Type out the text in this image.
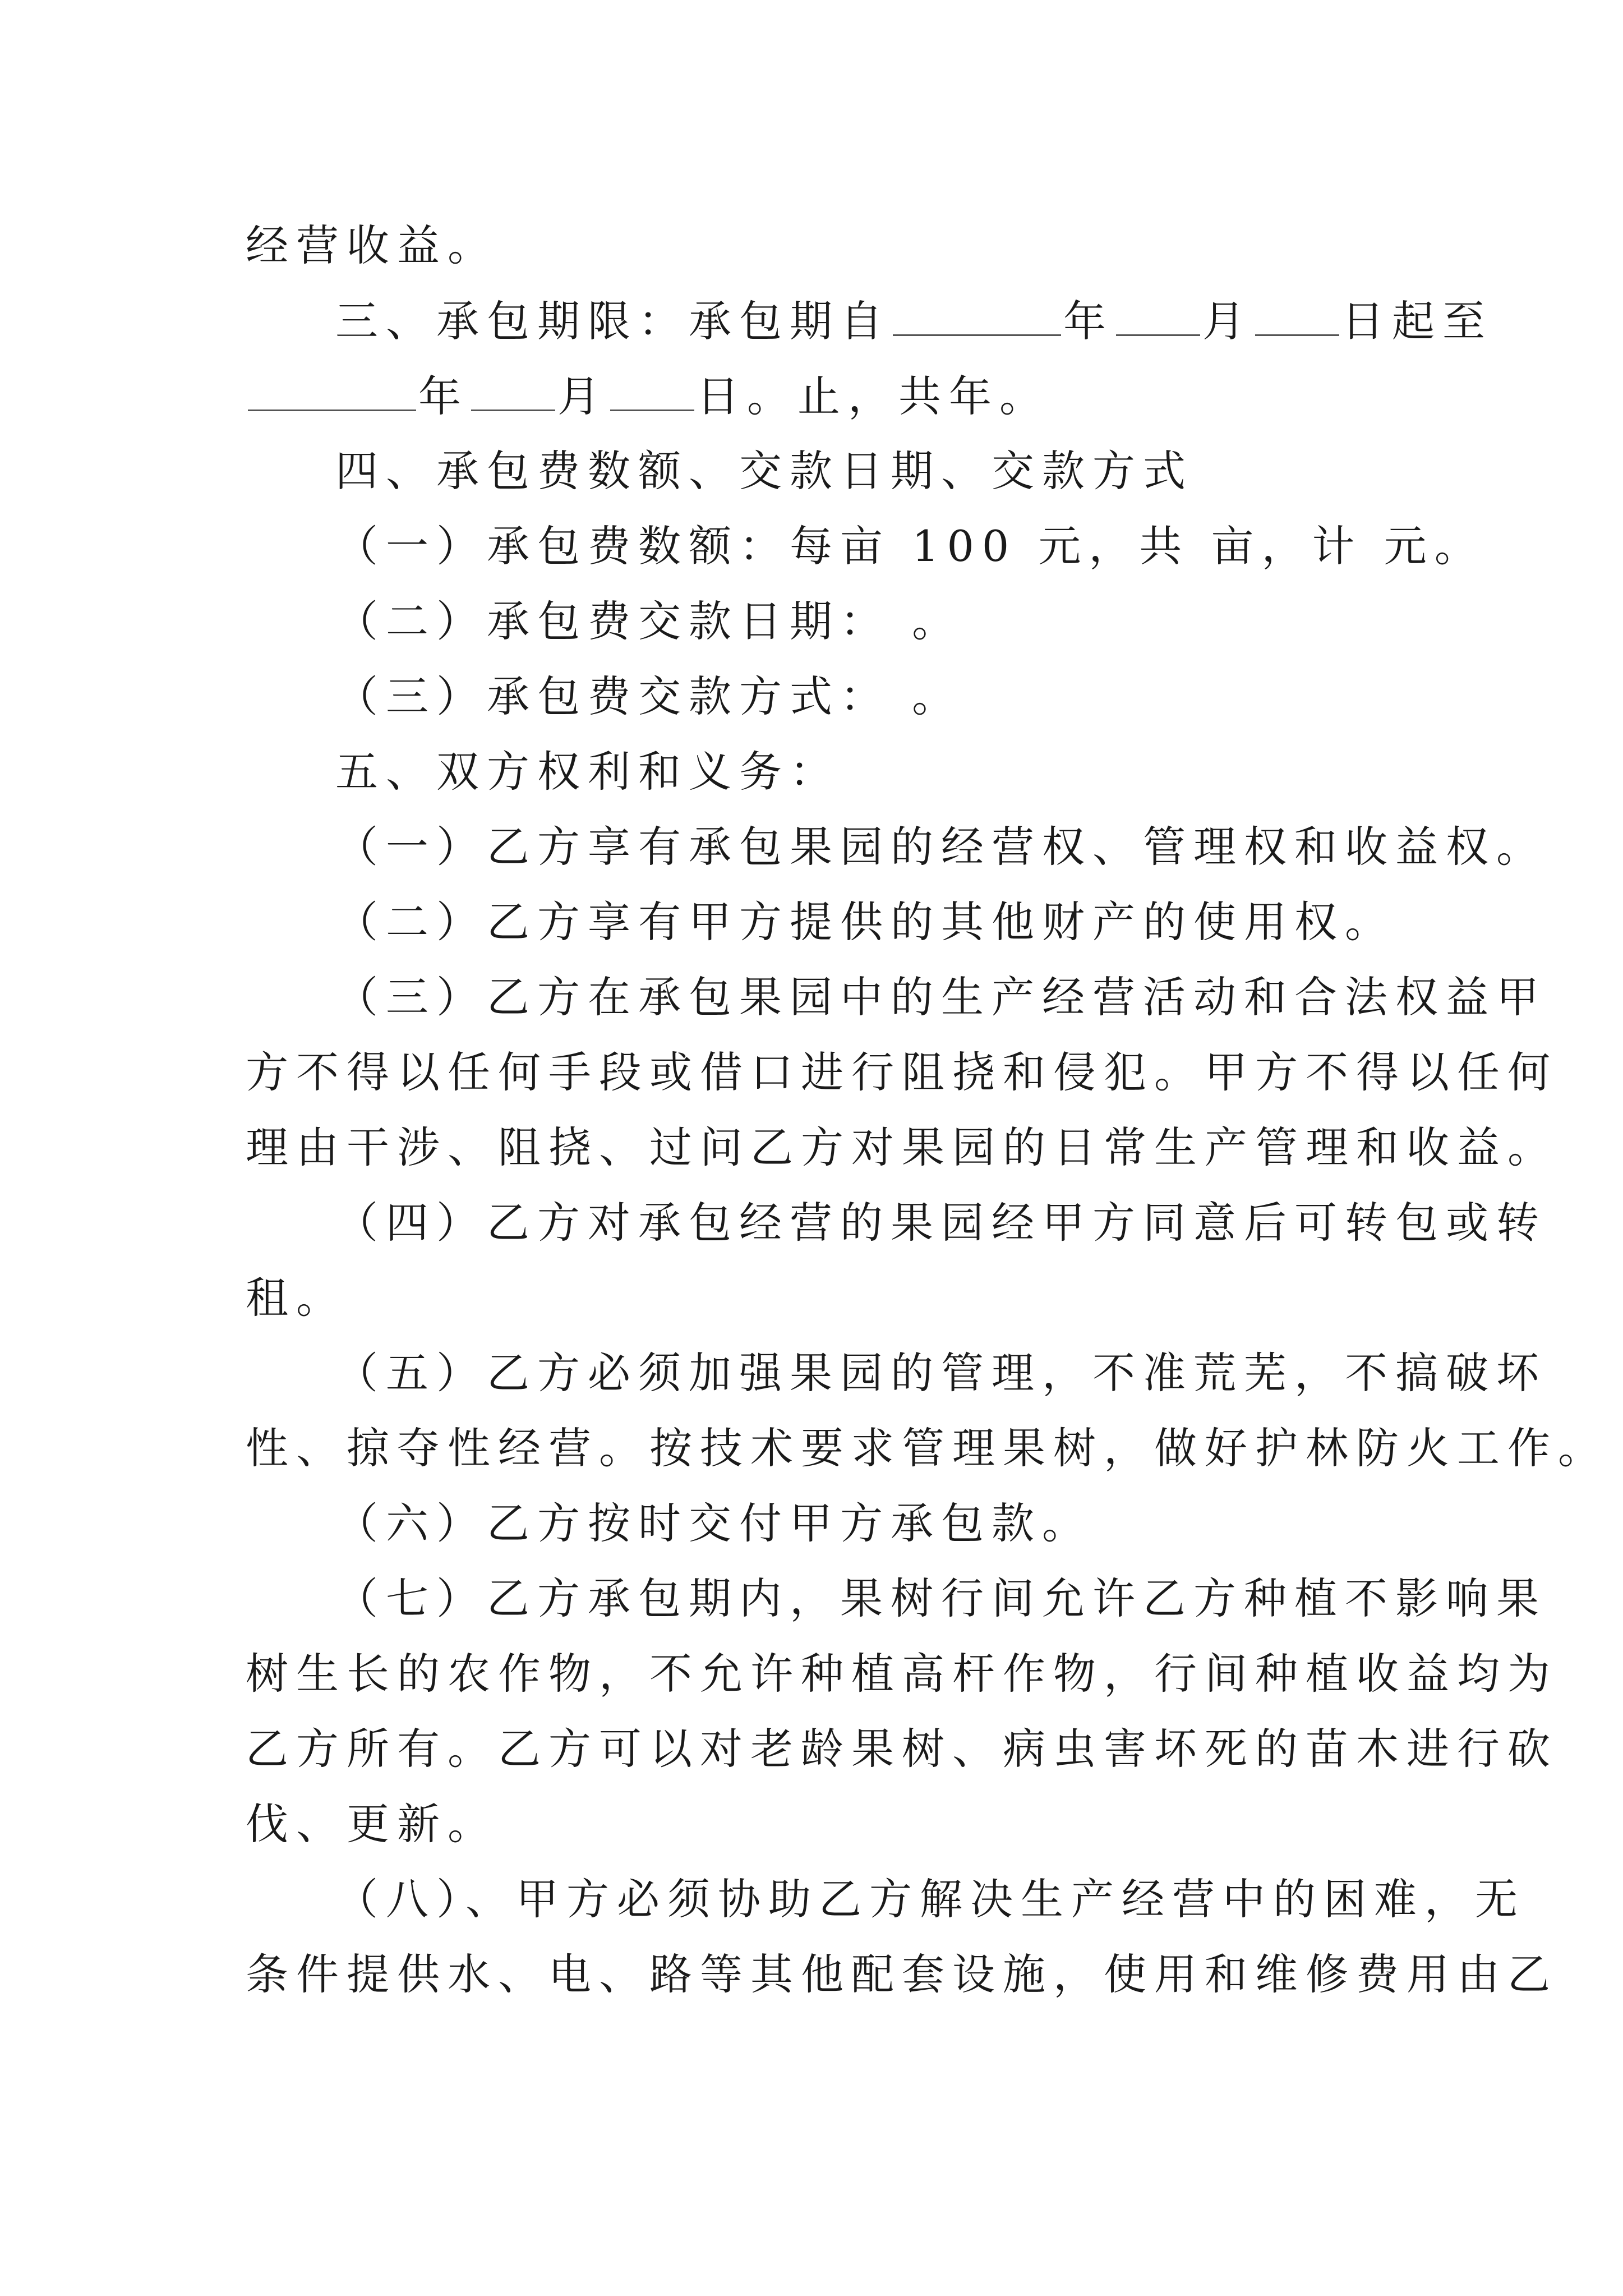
经营收益。
三、承包期限：承包期自	年 月 日起至
年 月 日。止，共年。
四、承包费数额、交款日期、交款方式
（一）承包费数额：每亩 100 元，共 亩，计 元。
（二）承包费交款日期： 。
（三）承包费交款方式： 。
五、双方权利和义务：
（一）乙方享有承包果园的经营权、管理权和收益权。
（二）乙方享有甲方提供的其他财产的使用权。
（三）乙方在承包果园中的生产经营活动和合法权益甲
方不得以任何手段或借口进行阻挠和侵犯。甲方不得以任何
理由干涉、阻挠、过问乙方对果园的日常生产管理和收益。
（四）乙方对承包经营的果园经甲方同意后可转包或转
租。
（五）乙方必须加强果园的管理，不准荒芜，不搞破坏
性、掠夺性经营。按技术要求管理果树，做好护林防火工作。
（六）乙方按时交付甲方承包款。
（七）乙方承包期内，果树行间允许乙方种植不影响果
树生长的农作物，不允许种植高杆作物，行间种植收益均为
乙方所有。乙方可以对老龄果树、病虫害坏死的苗木进行砍
伐、更新。
（八）、甲方必须协助乙方解决生产经营中的困难，无
条件提供水、电、路等其他配套设施，使用和维修费用由乙
